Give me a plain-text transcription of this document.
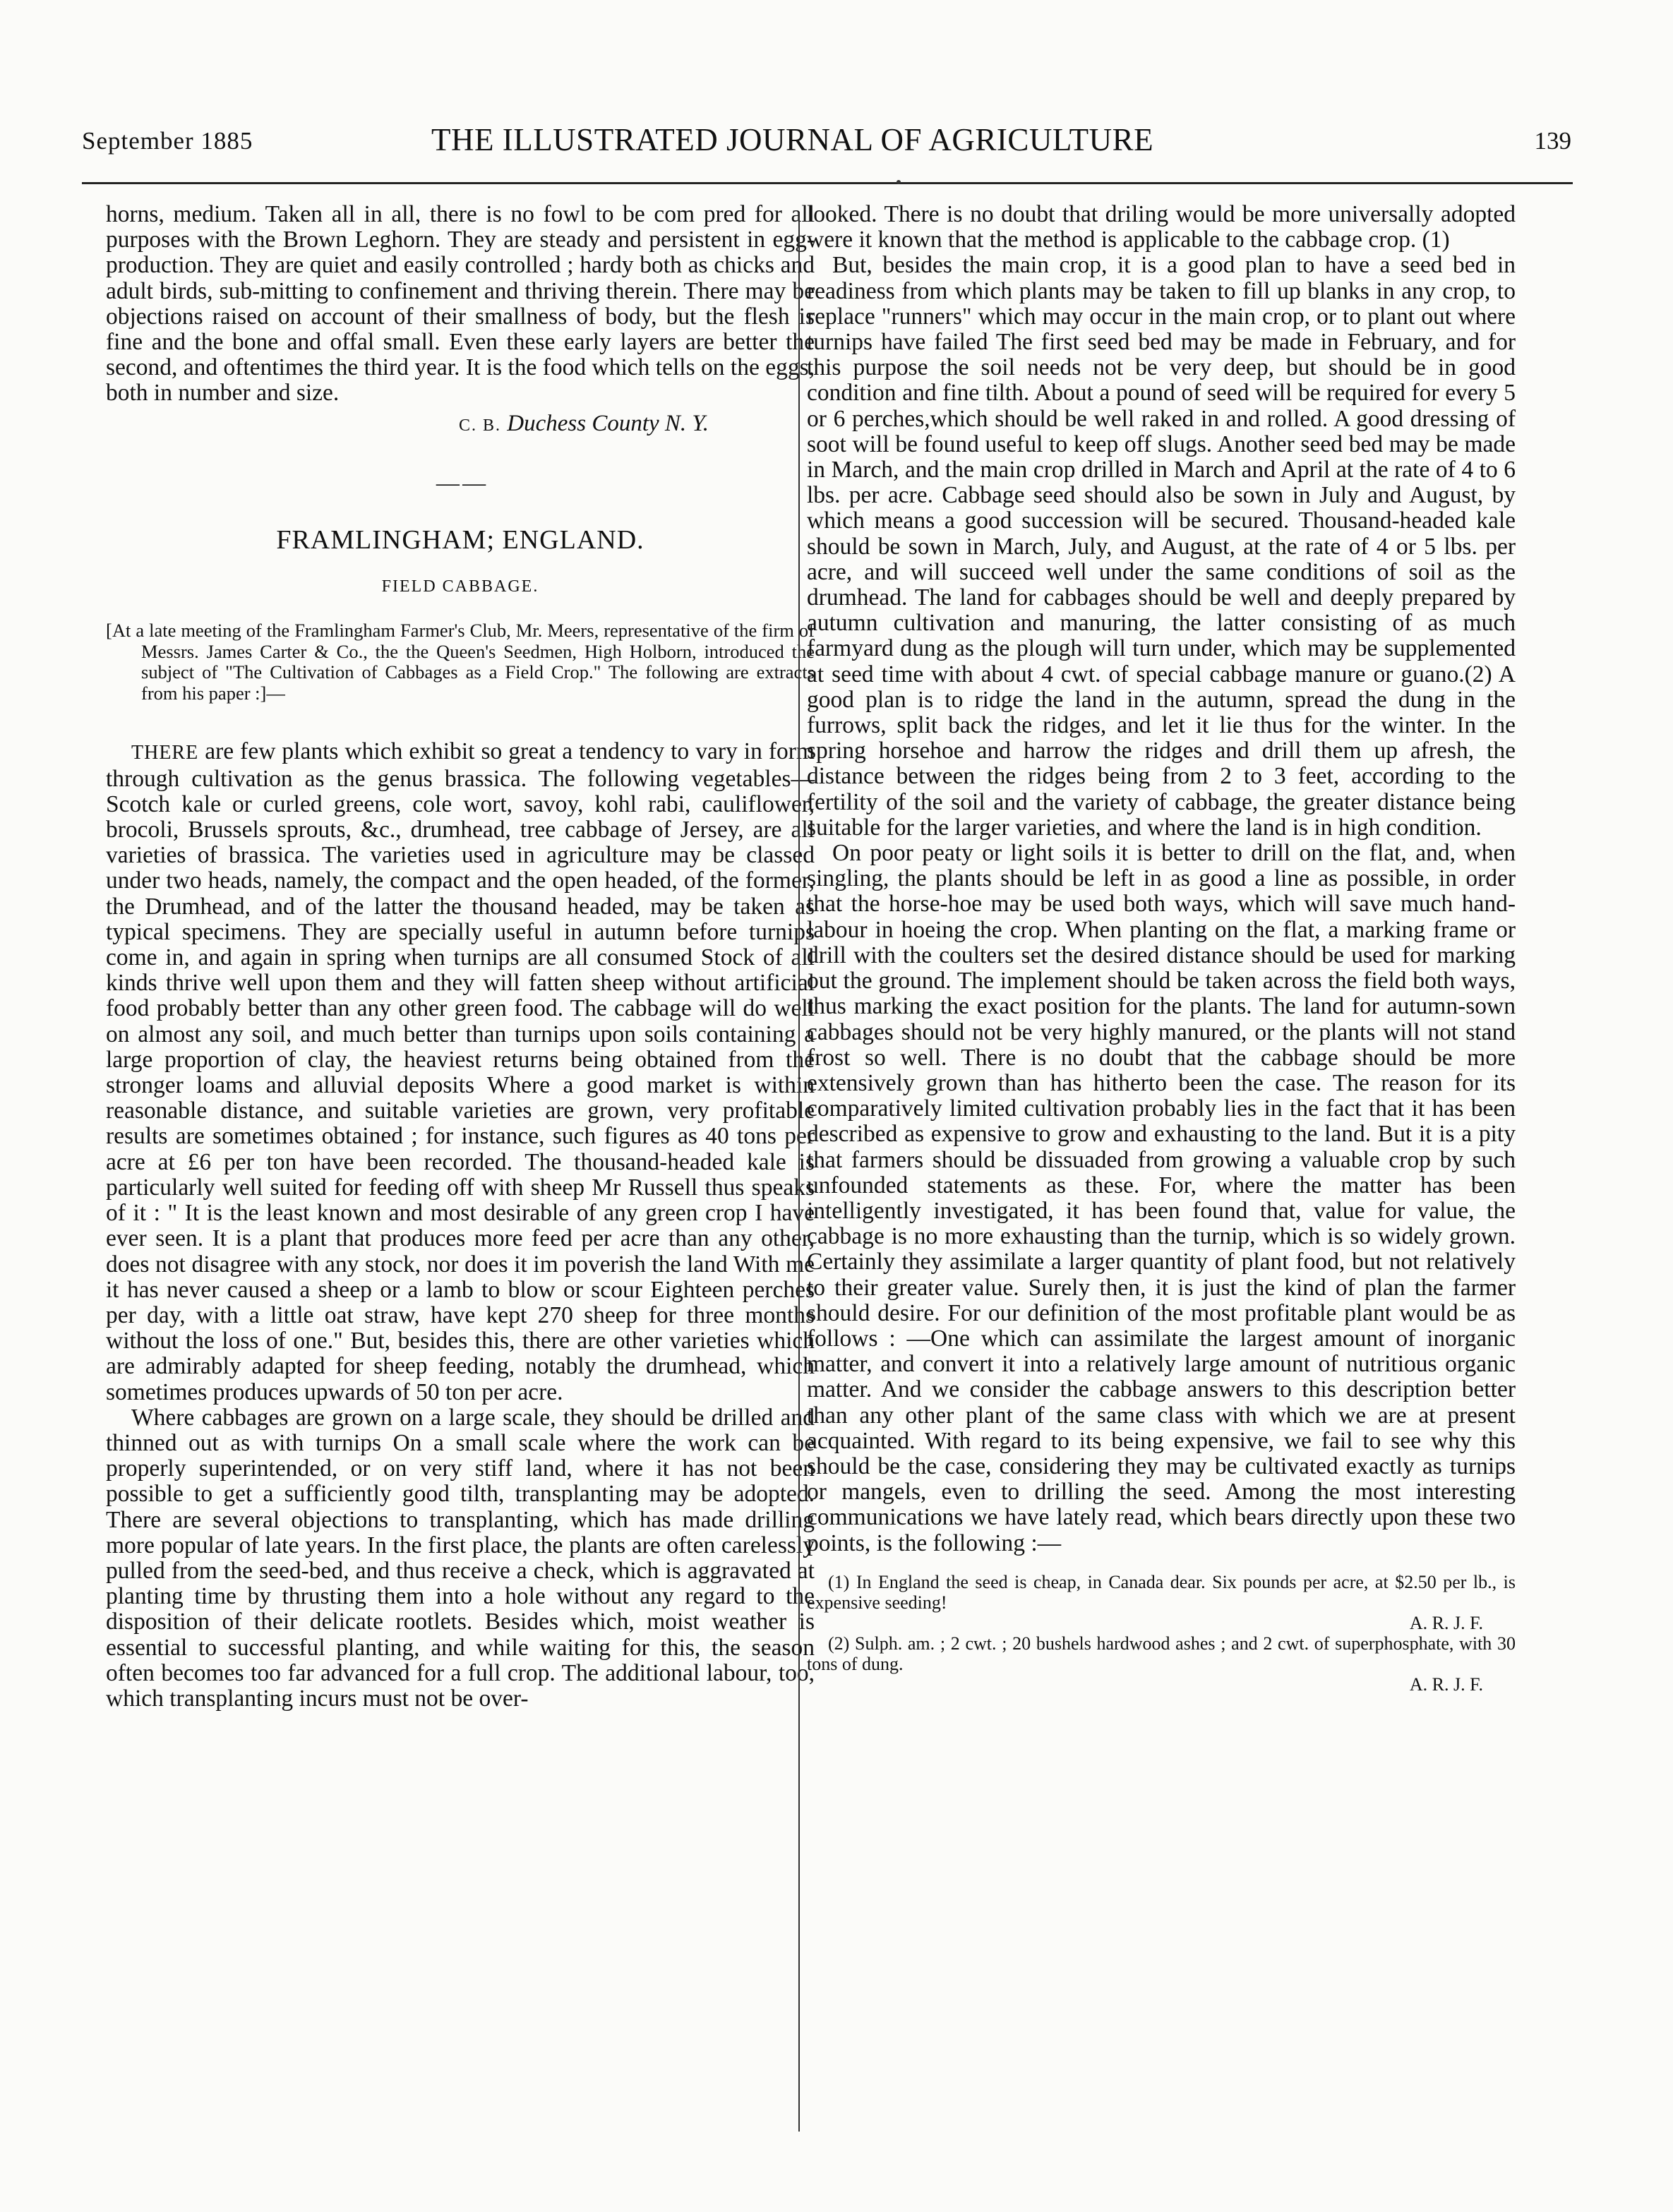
September 1885	THE ILLUSTRATED JOURNAL OF AGRICULTURE	139

horns, medium. Taken all in all, there is no fowl to be com pred for all purposes with the Brown Leghorn. They are steady and persistent in egg-production. They are quiet and easily controlled ; hardy both as chicks and adult birds, sub-mitting to confinement and thriving therein. There may be objections raised on account of their smallness of body, but the flesh is fine and the bone and offal small. Even these early layers are better the second, and oftentimes the third year. It is the food which tells on the eggs, both in number and size.

C. B. Duchess County N. Y.
— —
FRAMLINGHAM; ENGLAND.
FIELD CABBAGE.
[At a late meeting of the Framlingham Farmer's Club, Mr. Meers, representative of the firm of Messrs. James Carter & Co., the the Queen's Seedmen, High Holborn, introduced the subject of "The Cultivation of Cabbages as a Field Crop." The following are extracts from his paper :]—

THERE are few plants which exhibit so great a tendency to vary in form through cultivation as the genus brassica. The following vegetables—Scotch kale or curled greens, cole wort, savoy, kohl rabi, cauliflower, brocoli, Brussels sprouts, &c., drumhead, tree cabbage of Jersey, are all varieties of brassica. The varieties used in agriculture may be classed under two heads, namely, the compact and the open headed, of the former, the Drumhead, and of the latter the thousand headed, may be taken as typical specimens. They are specially useful in autumn before turnips come in, and again in spring when turnips are all consumed Stock of all kinds thrive well upon them and they will fatten sheep without artificial food probably better than any other green food. The cabbage will do well on almost any soil, and much better than turnips upon soils containing a large proportion of clay, the heaviest returns being obtained from the stronger loams and alluvial deposits Where a good market is within reasonable distance, and suitable varieties are grown, very profitable results are sometimes obtained ; for instance, such figures as 40 tons per acre at £6 per ton have been recorded. The thousand-headed kale is particularly well suited for feeding off with sheep Mr Russell thus speaks of it : " It is the least known and most desirable of any green crop I have ever seen. It is a plant that produces more feed per acre than any other, does not disagree with any stock, nor does it im poverish the land With me it has never caused a sheep or a lamb to blow or scour Eighteen perches per day, with a little oat straw, have kept 270 sheep for three months without the loss of one." But, besides this, there are other varieties which are admirably adapted for sheep feeding, notably the drumhead, which sometimes produces upwards of 50 ton per acre.

Where cabbages are grown on a large scale, they should be drilled and thinned out as with turnips On a small scale where the work can be properly superintended, or on very stiff land, where it has not been possible to get a sufficiently good tilth, transplanting may be adopted. There are several objections to transplanting, which has made drilling more popular of late years. In the first place, the plants are often carelessly pulled from the seed-bed, and thus receive a check, which is aggravated at planting time by thrusting them into a hole without any regard to the disposition of their delicate rootlets. Besides which, moist weather is essential to successful planting, and while waiting for this, the season often becomes too far advanced for a full crop. The additional labour, too, which transplanting incurs must not be over-

looked. There is no doubt that driling would be more universally adopted were it known that the method is applicable to the cabbage crop. (1)

But, besides the main crop, it is a good plan to have a seed bed in readiness from which plants may be taken to fill up blanks in any crop, to replace "runners" which may occur in the main crop, or to plant out where turnips have failed The first seed bed may be made in February, and for this purpose the soil needs not be very deep, but should be in good condition and fine tilth. About a pound of seed will be required for every 5 or 6 perches,which should be well raked in and rolled. A good dressing of soot will be found useful to keep off slugs. Another seed bed may be made in March, and the main crop drilled in March and April at the rate of 4 to 6 lbs. per acre. Cabbage seed should also be sown in July and August, by which means a good succession will be secured. Thousand-headed kale should be sown in March, July, and August, at the rate of 4 or 5 lbs. per acre, and will succeed well under the same conditions of soil as the drumhead. The land for cabbages should be well and deeply prepared by autumn cultivation and manuring, the latter consisting of as much farmyard dung as the plough will turn under, which may be supplemented at seed time with about 4 cwt. of special cabbage manure or guano.(2) A good plan is to ridge the land in the autumn, spread the dung in the furrows, split back the ridges, and let it lie thus for the winter. In the spring horsehoe and harrow the ridges and drill them up afresh, the distance between the ridges being from 2 to 3 feet, according to the fertility of the soil and the variety of cabbage, the greater distance being suitable for the larger varieties, and where the land is in high condition.

On poor peaty or light soils it is better to drill on the flat, and, when singling, the plants should be left in as good a line as possible, in order that the horse-hoe may be used both ways, which will save much hand-labour in hoeing the crop. When planting on the flat, a marking frame or drill with the coulters set the desired distance should be used for marking out the ground. The implement should be taken across the field both ways, thus marking the exact position for the plants. The land for autumn-sown cabbages should not be very highly manured, or the plants will not stand frost so well. There is no doubt that the cabbage should be more extensively grown than has hitherto been the case. The reason for its comparatively limited cultivation probably lies in the fact that it has been described as expensive to grow and exhausting to the land. But it is a pity that farmers should be dissuaded from growing a valuable crop by such unfounded statements as these. For, where the matter has been intelligently investigated, it has been found that, value for value, the cabbage is no more exhausting than the turnip, which is so widely grown. Certainly they assimilate a larger quantity of plant food, but not relatively to their greater value. Surely then, it is just the kind of plan the farmer should desire. For our definition of the most profitable plant would be as follows : —One which can assimilate the largest amount of inorganic matter, and convert it into a relatively large amount of nutritious organic matter. And we consider the cabbage answers to this description better than any other plant of the same class with which we are at present acquainted. With regard to its being expensive, we fail to see why this should be the case, considering they may be cultivated exactly as turnips or mangels, even to drilling the seed. Among the most interesting communications we have lately read, which bears directly upon these two points, is the following :—

(1) In England the seed is cheap, in Canada dear. Six pounds per acre, at $2.50 per lb., is expensive seeding!
A. R. J. F.
(2) Sulph. am. ; 2 cwt. ; 20 bushels hardwood ashes ; and 2 cwt. of superphosphate, with 30 tons of dung.
A. R. J. F.
